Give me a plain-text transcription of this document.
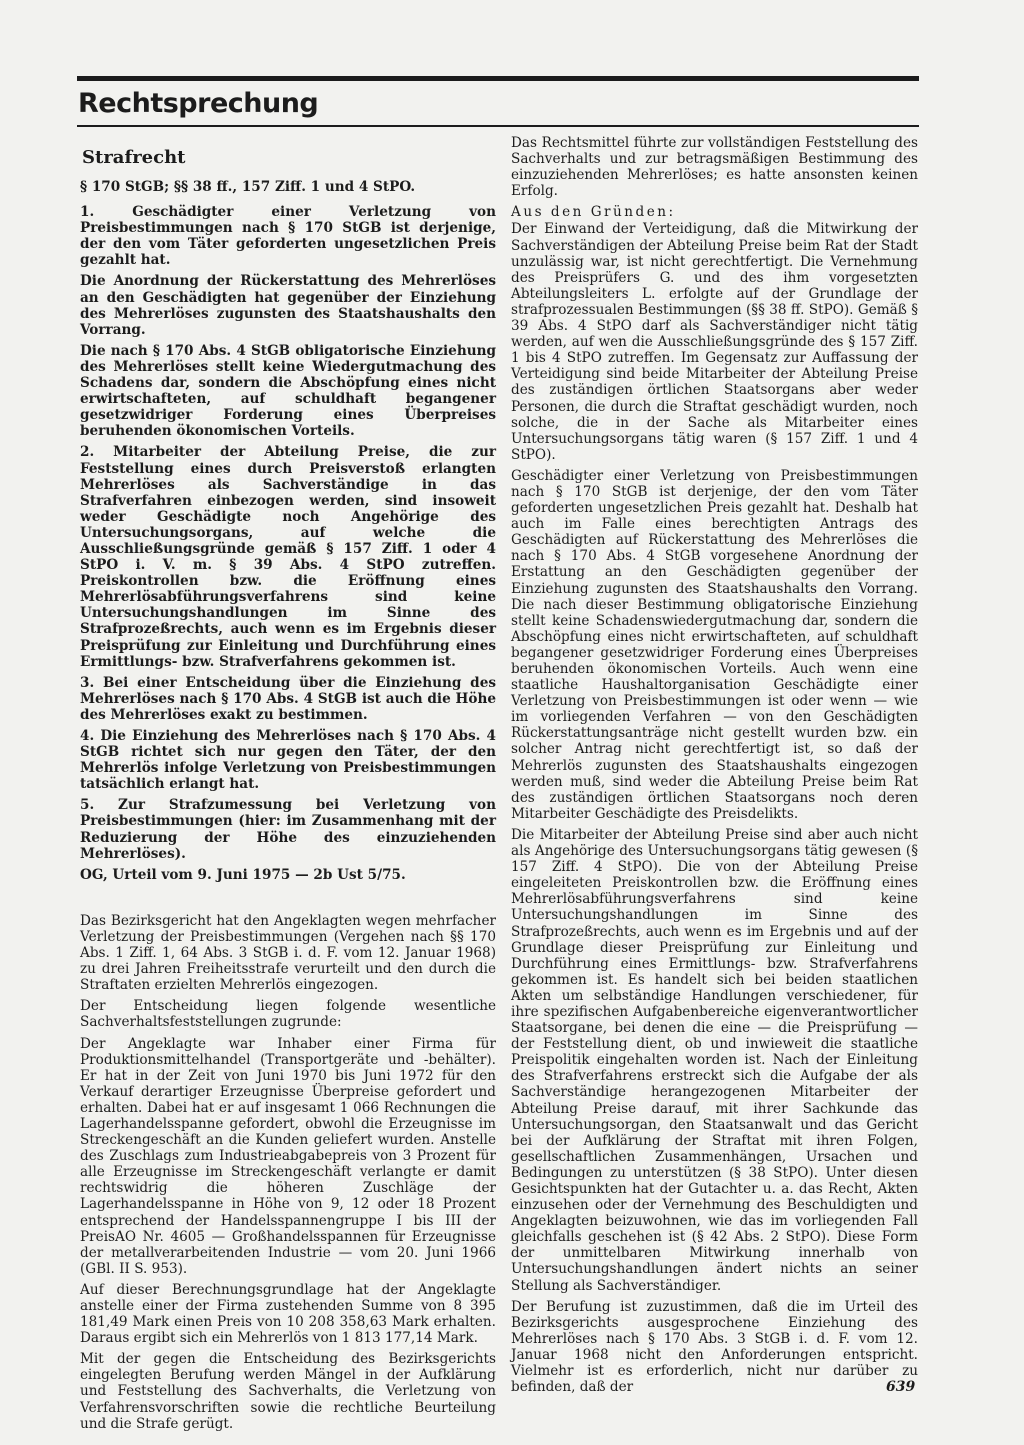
Rechtsprechung
Strafrecht
§ 170 StGB; §§ 38 ff., 157 Ziff. 1 und 4 StPO.
1. Geschädigter einer Verletzung von Preisbestimmungen nach § 170 StGB ist derjenige, der den vom Täter geforderten ungesetzlichen Preis gezahlt hat.
Die Anordnung der Rückerstattung des Mehrerlöses an den Geschädigten hat gegenüber der Einziehung des Mehrerlöses zugunsten des Staatshaushalts den Vorrang.
Die nach § 170 Abs. 4 StGB obligatorische Einziehung des Mehrerlöses stellt keine Wiedergutmachung des Schadens dar, sondern die Abschöpfung eines nicht erwirtschafteten, auf schuldhaft begangener gesetzwidriger Forderung eines Überpreises beruhenden ökonomischen Vorteils.
2. Mitarbeiter der Abteilung Preise, die zur Feststellung eines durch Preisverstoß erlangten Mehrerlöses als Sachverständige in das Strafverfahren einbezogen werden, sind insoweit weder Geschädigte noch Angehörige des Untersuchungsorgans, auf welche die Ausschließungsgründe gemäß § 157 Ziff. 1 oder 4 StPO i. V. m. § 39 Abs. 4 StPO zutreffen. Preiskontrollen bzw. die Eröffnung eines Mehrerlösabführungsverfahrens sind keine Untersuchungshandlungen im Sinne des Strafprozeßrechts, auch wenn es im Ergebnis dieser Preisprüfung zur Einleitung und Durchführung eines Ermittlungs- bzw. Strafverfahrens gekommen ist.
3. Bei einer Entscheidung über die Einziehung des Mehrerlöses nach § 170 Abs. 4 StGB ist auch die Höhe des Mehrerlöses exakt zu bestimmen.
4. Die Einziehung des Mehrerlöses nach § 170 Abs. 4 StGB richtet sich nur gegen den Täter, der den Mehrerlös infolge Verletzung von Preisbestimmungen tatsächlich erlangt hat.
5. Zur Strafzumessung bei Verletzung von Preisbestimmungen (hier: im Zusammenhang mit der Reduzierung der Höhe des einzuziehenden Mehrerlöses).
OG, Urteil vom 9. Juni 1975 — 2b Ust 5/75.
Das Bezirksgericht hat den Angeklagten wegen mehrfacher Verletzung der Preisbestimmungen (Vergehen nach §§ 170 Abs. 1 Ziff. 1, 64 Abs. 3 StGB i. d. F. vom 12. Januar 1968) zu drei Jahren Freiheitsstrafe verurteilt und den durch die Straftaten erzielten Mehrerlös eingezogen.
Der Entscheidung liegen folgende wesentliche Sachverhaltsfeststellungen zugrunde:
Der Angeklagte war Inhaber einer Firma für Produktionsmittelhandel (Transportgeräte und -behälter). Er hat in der Zeit von Juni 1970 bis Juni 1972 für den Verkauf derartiger Erzeugnisse Überpreise gefordert und erhalten. Dabei hat er auf insgesamt 1 066 Rechnungen die Lagerhandelsspanne gefordert, obwohl die Erzeugnisse im Streckengeschäft an die Kunden geliefert wurden. Anstelle des Zuschlags zum Industrieabgabepreis von 3 Prozent für alle Erzeugnisse im Streckengeschäft verlangte er damit rechtswidrig die höheren Zuschläge der Lagerhandelsspanne in Höhe von 9, 12 oder 18 Prozent entsprechend der Handelsspannengruppe I bis III der PreisAO Nr. 4605 — Großhandelsspannen für Erzeugnisse der metallverarbeitenden Industrie — vom 20. Juni 1966 (GBl. II S. 953).
Auf dieser Berechnungsgrundlage hat der Angeklagte anstelle einer der Firma zustehenden Summe von 8 395 181,49 Mark einen Preis von 10 208 358,63 Mark erhalten. Daraus ergibt sich ein Mehrerlös von 1 813 177,14 Mark.
Mit der gegen die Entscheidung des Bezirksgerichts eingelegten Berufung werden Mängel in der Aufklärung und Feststellung des Sachverhalts, die Verletzung von Verfahrensvorschriften sowie die rechtliche Beurteilung und die Strafe gerügt.
Das Rechtsmittel führte zur vollständigen Feststellung des Sachverhalts und zur betragsmäßigen Bestimmung des einzuziehenden Mehrerlöses; es hatte ansonsten keinen Erfolg.
Aus den Gründen:
Der Einwand der Verteidigung, daß die Mitwirkung der Sachverständigen der Abteilung Preise beim Rat der Stadt unzulässig war, ist nicht gerechtfertigt. Die Vernehmung des Preisprüfers G. und des ihm vorgesetzten Abteilungsleiters L. erfolgte auf der Grundlage der strafprozessualen Bestimmungen (§§ 38 ff. StPO). Gemäß § 39 Abs. 4 StPO darf als Sachverständiger nicht tätig werden, auf wen die Ausschließungsgründe des § 157 Ziff. 1 bis 4 StPO zutreffen. Im Gegensatz zur Auffassung der Verteidigung sind beide Mitarbeiter der Abteilung Preise des zuständigen örtlichen Staatsorgans aber weder Personen, die durch die Straftat geschädigt wurden, noch solche, die in der Sache als Mitarbeiter eines Untersuchungsorgans tätig waren (§ 157 Ziff. 1 und 4 StPO).
Geschädigter einer Verletzung von Preisbestimmungen nach § 170 StGB ist derjenige, der den vom Täter geforderten ungesetzlichen Preis gezahlt hat. Deshalb hat auch im Falle eines berechtigten Antrags des Geschädigten auf Rückerstattung des Mehrerlöses die nach § 170 Abs. 4 StGB vorgesehene Anordnung der Erstattung an den Geschädigten gegenüber der Einziehung zugunsten des Staatshaushalts den Vorrang. Die nach dieser Bestimmung obligatorische Einziehung stellt keine Schadenswiedergutmachung dar, sondern die Abschöpfung eines nicht erwirtschafteten, auf schuldhaft begangener gesetzwidriger Forderung eines Überpreises beruhenden ökonomischen Vorteils. Auch wenn eine staatliche Haushaltorganisation Geschädigte einer Verletzung von Preisbestimmungen ist oder wenn — wie im vorliegenden Verfahren — von den Geschädigten Rückerstattungsanträge nicht gestellt wurden bzw. ein solcher Antrag nicht gerechtfertigt ist, so daß der Mehrerlös zugunsten des Staatshaushalts eingezogen werden muß, sind weder die Abteilung Preise beim Rat des zuständigen örtlichen Staatsorgans noch deren Mitarbeiter Geschädigte des Preisdelikts.
Die Mitarbeiter der Abteilung Preise sind aber auch nicht als Angehörige des Untersuchungsorgans tätig gewesen (§ 157 Ziff. 4 StPO). Die von der Abteilung Preise eingeleiteten Preiskontrollen bzw. die Eröffnung eines Mehrerlösabführungsverfahrens sind keine Untersuchungshandlungen im Sinne des Strafprozeßrechts, auch wenn es im Ergebnis und auf der Grundlage dieser Preisprüfung zur Einleitung und Durchführung eines Ermittlungs- bzw. Strafverfahrens gekommen ist. Es handelt sich bei beiden staatlichen Akten um selbständige Handlungen verschiedener, für ihre spezifischen Aufgabenbereiche eigenverantwortlicher Staatsorgane, bei denen die eine — die Preisprüfung — der Feststellung dient, ob und inwieweit die staatliche Preispolitik eingehalten worden ist. Nach der Einleitung des Strafverfahrens erstreckt sich die Aufgabe der als Sachverständige herangezogenen Mitarbeiter der Abteilung Preise darauf, mit ihrer Sachkunde das Untersuchungsorgan, den Staatsanwalt und das Gericht bei der Aufklärung der Straftat mit ihren Folgen, gesellschaftlichen Zusammenhängen, Ursachen und Bedingungen zu unterstützen (§ 38 StPO). Unter diesen Gesichtspunkten hat der Gutachter u. a. das Recht, Akten einzusehen oder der Vernehmung des Beschuldigten und Angeklagten beizuwohnen, wie das im vorliegenden Fall gleichfalls geschehen ist (§ 42 Abs. 2 StPO). Diese Form der unmittelbaren Mitwirkung innerhalb von Untersuchungshandlungen ändert nichts an seiner Stellung als Sachverständiger.
Der Berufung ist zuzustimmen, daß die im Urteil des Bezirksgerichts ausgesprochene Einziehung des Mehrerlöses nach § 170 Abs. 3 StGB i. d. F. vom 12. Januar 1968 nicht den Anforderungen entspricht. Vielmehr ist es erforderlich, nicht nur darüber zu befinden, daß der	639
